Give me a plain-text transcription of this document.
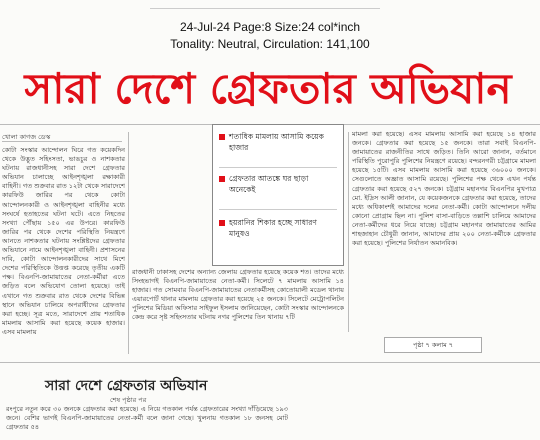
24-Jul-24 Page:8 Size:24 col*inch
Tonality: Neutral, Circulation: 141,100
সারা দেশে গ্রেফতার অভিযান
খোলা কাগজ ডেস্ক

কোটা সংস্কার আন্দোলন ঘিরে গত কয়েকদিন থেকে উদ্ভূত সহিংসতা, ভাঙচুর ও নাশকতার ঘটনায় রাজধানীসহ সারা দেশে গ্রেফতার অভিযান চালাচ্ছে আইনশৃঙ্খলা রক্ষাকারী বাহিনী। গত শুক্রবার রাত ১২টা থেকে সারাদেশে কারফিউ জারির পর থেকে কোটা আন্দোলনকারী ও আইনশৃঙ্খলা বাহিনীর মধ্যে সংঘর্ষে হতাহতের ঘটনা ঘটে। এতে নিহতের সংখ্যা পৌঁছায় ১৫০ এর উপরে। কারফিউ জারির পর থেকে দেশের পরিস্থিতি নিয়ন্ত্রণে আনতে নাশকতার ঘটনায় সংশ্লিষ্টদের গ্রেফতার অভিযানে নামে আইনশৃঙ্খলা বাহিনী। প্রশাসনের দাবি, কোটা আন্দোলনকারীদের সাথে মিশে দেশের পরিস্থিতিকে উত্তপ্ত করেছে তৃতীয় একটি পক্ষ। বিএনপি-জামায়াতের নেতা-কর্মীরা এতে জড়িত বলে অভিযোগ তোলা হয়েছে। তাই এখানে গত শুক্রবার রাত থেকে দেশের বিভিন্ন স্থানে অভিযান চালিয়ে অপরাধীদের গ্রেফতার করা হচ্ছে। সূত্র মতে, সারাদেশে প্রায় শতাধিক মামলায় আসামি করা হয়েছে কয়েক হাজার। এসব মামলায়

শতাধিক মামলায় আসামি কয়েক হাজার
গ্রেফতার আতঙ্কে ঘর ছাড়া অনেকেই
হয়রানির শিকার হচ্ছে সাধারণ মানুষও

রাজধানী ঢাকাসহ দেশের অন্যান্য জেলায় গ্রেফতার হয়েছে কয়েক শত। তাদের মধ্যে সিংহভাগই বিএনপি-জামায়াতের নেতা-কর্মী। সিলেটে ৭ মামলায় আসামি ১৪ হাজার। গত সোমবার বিএনপি-জামায়াতের নেতাকর্মীসহ কোতোয়ালী মডেল থানায় এয়ারপোর্ট থানার মামলায় গ্রেফতার করা হয়েছে ২৫ জনকে। সিলেটে মেট্রোপলিটন পুলিশের মিডিয়া অফিসার সাইফুল ইসলাম জানিয়েছেন, কোটা সংস্কার আন্দোলনকে কেন্দ্র করে সৃষ্ট সহিংসতার ঘটনায় নগর পুলিশের তিন থানায় ৭টি

মামলা করা হয়েছে। এসব মামলায় আসামি করা হয়েছে ১৪ হাজার জনকে। গ্রেফতার করা হয়েছে ১৫ জনকে। তারা সবাই বিএনপি-জামায়াতের রাজনীতির সাথে জড়িত। তিনি আরো জানান, বর্তমানে পরিস্থিতি পুরোপুরি পুলিশের নিয়ন্ত্রণে রয়েছে। বন্দরনগরী চট্টগ্রামে মামলা হয়েছে ১৫টি। এসব মামলায় আসামি করা হয়েছে ৩৬০০০ জনকে। সেগুলোতে অজ্ঞাত আসামি রয়েছে। পুলিশের পক্ষ থেকে এখন পর্যন্ত গ্রেফতার করা হয়েছে ৫২৭ জনকে। চট্টগ্রাম মহানগর বিএনপির মুখপাত্র মো. ইদ্রিস আলী জানান, যে কয়েকজনকে গ্রেফতার করা হয়েছে, তাদের মধ্যে অধিকাংশই আমাদের দলের নেতা-কর্মী। কোটা আন্দোলনে দলীয় কোনো প্রোগ্রাম ছিল না। পুলিশ বাসা-বাড়িতে তল্লাশি চালিয়ে আমাদের নেতা-কর্মীদের ধরে নিয়ে যাচ্ছে। চট্টগ্রাম মহানগর জামায়াতের আমির শাহজাহান চৌধুরী জানান, আমাদের প্রায় ২০০ নেতা-কর্মীকে গ্রেফতার করা হয়েছে। পুলিশের নির্যাতন অমানবিক।

পৃষ্ঠা ৭ কলাম ৭
সারা দেশে গ্রেফতার অভিযান
শেষ পৃষ্ঠার পর
রংপুরে নতুন করে ৩০ জনকে গ্রেফতার করা হয়েছে। এ নিয়ে গতকাল পর্যন্ত গ্রেফতারের সংখ্যা দাঁড়িয়েছে ১৯৩ জনে। বেশির ভাগই বিএনপি-জামায়াতের নেতা-কর্মী বলে জানা গেছে। খুলনায় গতকাল ১৮ জনসহ মোট গ্রেফতার ৫৪
